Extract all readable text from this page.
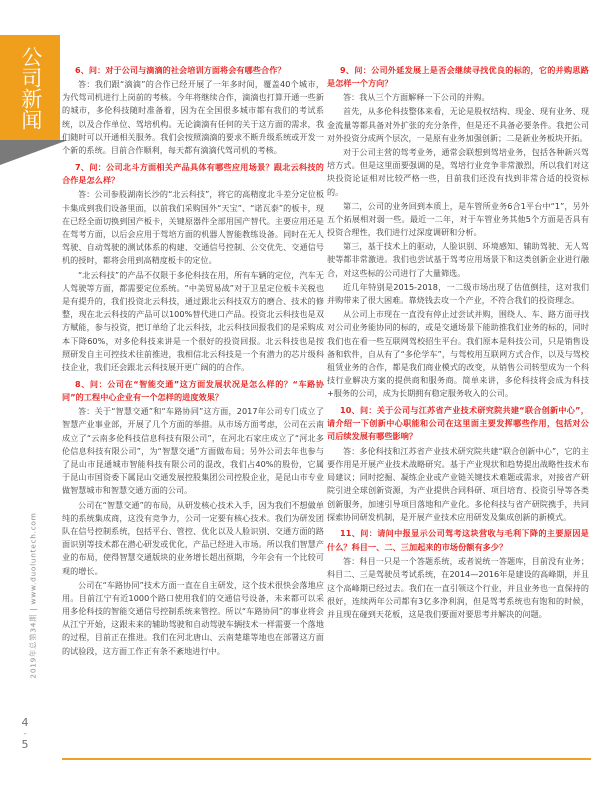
公司新闻
2019年总第34期 | www.duoluntech.com
4
-
5

6、问：对于公司与滴滴的社会培训方面将会有哪些合作？

答：我们跟“滴滴”的合作已经开展了一年多时间，覆盖40个城市，为代驾司机进行上岗前的考核。今年将继续合作，滴滴也打算开通一些新的城市，多伦科技随时准备着，因为在全国很多城市都有我们的考试系统，以及合作单位、驾培机构。无论滴滴有任何的关于这方面的需求，我们随时可以开通相关服务。我们会按照滴滴的要求不断升级系统或开发一个新的系统。目前合作顺利，每天都有滴滴代驾司机的考核。

7、问：公司北斗方面相关产品具体有哪些应用场景？跟北云科技的合作是怎么样？

答：公司参股湖南长沙的“北云科技”，将它的高精度北斗差分定位板卡集成到我们设备里面，以前我们采购国外“天宝”、“诺瓦泰”的板卡，现在已经全面切换到国产板卡，关键原器件全部用国产替代。主要应用还是在驾考方面，以后会应用于驾培方面的机器人智能教练设备。同时在无人驾驶、自动驾驶的测试体系的构建、交通信号控制、公交优先、交通信号机的授时，都将会用到高精度板卡的定位。

“北云科技”的产品不仅限于多伦科技在用，所有车辆的定位，汽车无人驾驶等方面，都需要定位系统。“中美贸易战”对于卫星定位板卡关税也是有提升的，我们投资北云科技，通过跟北云科技双方的磨合、技术的修整，现在北云科技的产品可以100%替代进口产品。投资北云科技也是双方赋能，参与投资，把订单给了北云科技，北云科技回报我们的是采购成本下降60%，对多伦科技来讲是一个很好的投资回报。北云科技也是按照研发自主可控技术往前推进，我相信北云科技是一个有潜力的芯片级科技企业，我们还会跟北云科技展开更广阔的的合作。

8、问：公司在“智能交通”这方面发展状况是怎么样的？“车路协同”的工程中心企业有一个怎样的进度效果？

答：关于“智慧交通”和“车路协同”这方面，2017年公司专门成立了智慧产业事业部，开展了几个方面的举措。从市场方面考虑，公司在云南成立了“云南多伦科技信息科技有限公司”，在河北石家庄成立了“河北多伦信息科技有限公司”，为“智慧交通”方面做布局；另外公司去年也参与了昆山市昆通城市智能科技有限公司的混改，我们占40%的股份，它属于昆山市国资委下属昆山交通发展控股集团公司控股企业，是昆山市专业做智慧城市和智慧交通方面的公司。

公司在“智慧交通”的布局，从研发核心技术入手，因为我们不想做单纯的系统集成商，这没有竞争力，公司一定要有核心技术。我们为研发团队在信号控制系统，包括平台、管控、优化以及人脸识别、交通方面的路面识别等技术都在潜心研发或优化，产品已经进入市场。所以我们智慧产业的布局，使得智慧交通版块的业务增长超出预期，今年会有一个比较可观的增长。

公司在“车路协同”技术方面一直在自主研发，这个技术很快会落地应用。目前江宁有近1000个路口使用我们的交通信号设备，未来都可以采用多伦科技的智能交通信号控制系统来管控。所以“车路协同”的事业将会从江宁开始，这跟未来的辅助驾驶和自动驾驶车辆技术一样需要一个落地的过程，目前正在推进。我们在河北唐山、云南楚雄等地也在部署这方面的试验段，这方面工作正有条不紊地进行中。

9、问：公司外延发展上是否会继续寻找优良的标的，它的并购思路是怎样一个方向？

答：我从三个方面解释一下公司的并购。

首先，从多伦科技整体来看，无论是股权结构、现金、现有业务、现金流量等都具备对外扩张的充分条件，但是还不具备必要条件。我把公司对外投资分成两个层次，一是原有业务加强创新；二是新业务板块开拓。

对于公司主营的驾考业务，通常会联想到驾培业务，包括各种新兴驾培方式。但是这里面要强调的是，驾培行业竞争非常激烈，所以我们对这块投资论证相对比较严格一些，目前我们还没有找到非常合适的投资标的。

第二，公司的业务回到本质上，是车管所业务6合1平台中“1”，另外五个拓展相对弱一些。最近一二年，对于车管业务其他5个方面是否具有投资合理性，我们进行过深度调研和分析。

第三，基于技术上的驱动，人脸识别、环境感知、辅助驾驶、无人驾驶等都非常激进。我们也尝试基于驾考应用场景下和这类创新企业进行融合，对这些标的公司进行了大量筛选。

近几年特别是2015-2018，一二级市场出现了估值倒挂，这对我们并购带来了很大困难。靠烧钱去攻一个产业，不符合我们的投资理念。

从公司上市现在一直没有停止过尝试并购，围绕人、车、路方面寻找对公司业务能协同的标的，或是交通场景下能助推我们业务的标的，同时我们也在看一些互联网驾校招生平台。我们原本是科技公司，只是销售设备和软件，自从有了“多伦学车”，与驾校用互联网方式合作，以及与驾校租赁业务的合作，都是我们商业模式的改变，从销售公司转型成为一个科技行业解决方案的提供商和服务商。简单来讲，多伦科技将会成为科技+服务的公司，成为长期拥有稳定服务收入的公司。

10、问：关于公司与江苏省产业技术研究院共建“联合创新中心”，请介绍一下创新中心职能和公司在这里面主要发挥哪些作用，包括对公司后续发展有哪些影响？

答：多伦科技和江苏省产业技术研究院共建“联合创新中心”，它的主要作用是开展产业技术战略研究。基于产业现状和趋势提出战略性技术布局建议；同时挖掘、凝练企业或产业链关键技术难题或需求，对接省产研院引进全球创新资源，为产业提供合同科研、项目培育、投资引导等各类创新服务，加速引导项目落地和产业化。多伦科技与省产研院携手，共同探索协同研发机制，是开展产业技术应用研发及集成创新的新模式。

11、问：请问中报显示公司驾考这块营收与毛利下降的主要原因是什么？科目一、二、三加起来的市场份额有多少？

答：科目一只是一个答题系统，或者说统一答题库，目前没有业务；科目二、三是驾驶员考试系统，在2014—2016年是建设的高峰期，并且这个高峰期已经过去。我们在一直引领这个行业，并且业务也一直保持的很好，连续两年公司都有3亿多净利润，但是驾考系统也有饱和的时候，并且现在碰到天花板，这是我们要面对要思考并解决的问题。
